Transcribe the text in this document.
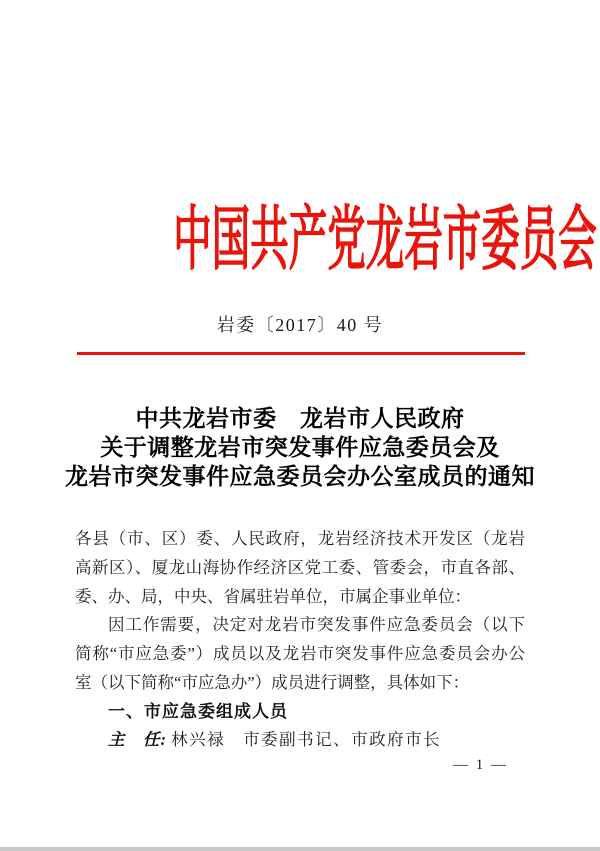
中国共产党龙岩市委员会
岩委〔2017〕40 号
中共龙岩市委　龙岩市人民政府
关于调整龙岩市突发事件应急委员会及
龙岩市突发事件应急委员会办公室成员的通知
各县（市、区）委、人民政府，龙岩经济技术开发区（龙岩
高新区）、厦龙山海协作经济区党工委、管委会，市直各部、
委、办、局，中央、省属驻岩单位，市属企事业单位：
因工作需要，决定对龙岩市突发事件应急委员会（以下
简称“市应急委”）成员以及龙岩市突发事件应急委员会办公
室（以下简称“市应急办”）成员进行调整，具体如下：
一、市应急委组成人员
主　任: 林兴禄　市委副书记、市政府市长
— 1 —
